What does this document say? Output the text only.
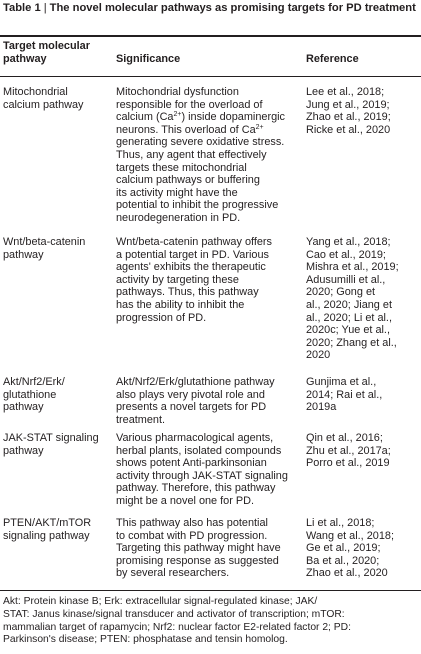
Table 1 | The novel molecular pathways as promising targets for PD treatment

Target molecular
pathway	Significance	Reference

Mitochondrial
calcium pathway

Mitochondrial dysfunction
responsible for the overload of
calcium $(Ca^{2+})$ inside dopaminergic
neurons. This overload of $Ca^{2+}$
generating severe oxidative stress.
Thus, any agent that effectively
targets these mitochondrial
calcium pathways or buffering
its activity might have the
potential to inhibit the progressive
neurodegeneration in PD.

Lee et al., 2018;
Jung et al., 2019;
Zhao et al., 2019;
Ricke et al., 2020

Wnt/beta-catenin
pathway

Wnt/beta-catenin pathway offers
a potential target in PD. Various
agents' exhibits the therapeutic
activity by targeting these
pathways. Thus, this pathway
has the ability to inhibit the
progression of PD.

Yang et al., 2018;
Cao et al., 2019;
Mishra et al., 2019;
Adusumilli et al.,
2020; Gong et
al., 2020; Jiang et
al., 2020; Li et al.,
2020c; Yue et al.,
2020; Zhang et al.,
2020

Akt/Nrf2/Erk/
glutathione
pathway

Akt/Nrf2/Erk/glutathione pathway
also plays very pivotal role and
presents a novel targets for PD
treatment.

Gunjima et al.,
2014; Rai et al.,
2019a

JAK-STAT signaling
pathway

Various pharmacological agents,
herbal plants, isolated compounds
shows potent Anti-parkinsonian
activity through JAK-STAT signaling
pathway. Therefore, this pathway
might be a novel one for PD.

Qin et al., 2016;
Zhu et al., 2017a;
Porro et al., 2019

PTEN/AKT/mTOR
signaling pathway

This pathway also has potential
to combat with PD progression.
Targeting this pathway might have
promising response as suggested
by several researchers.

Li et al., 2018;
Wang et al., 2018;
Ge et al., 2019;
Ba et al., 2020;
Zhao et al., 2020

Akt: Protein kinase B; Erk: extracellular signal-regulated kinase; JAK/
STAT: Janus kinase/signal transducer and activator of transcription; mTOR:
mammalian target of rapamycin; Nrf2: nuclear factor E2-related factor 2; PD:
Parkinson's disease; PTEN: phosphatase and tensin homolog.
